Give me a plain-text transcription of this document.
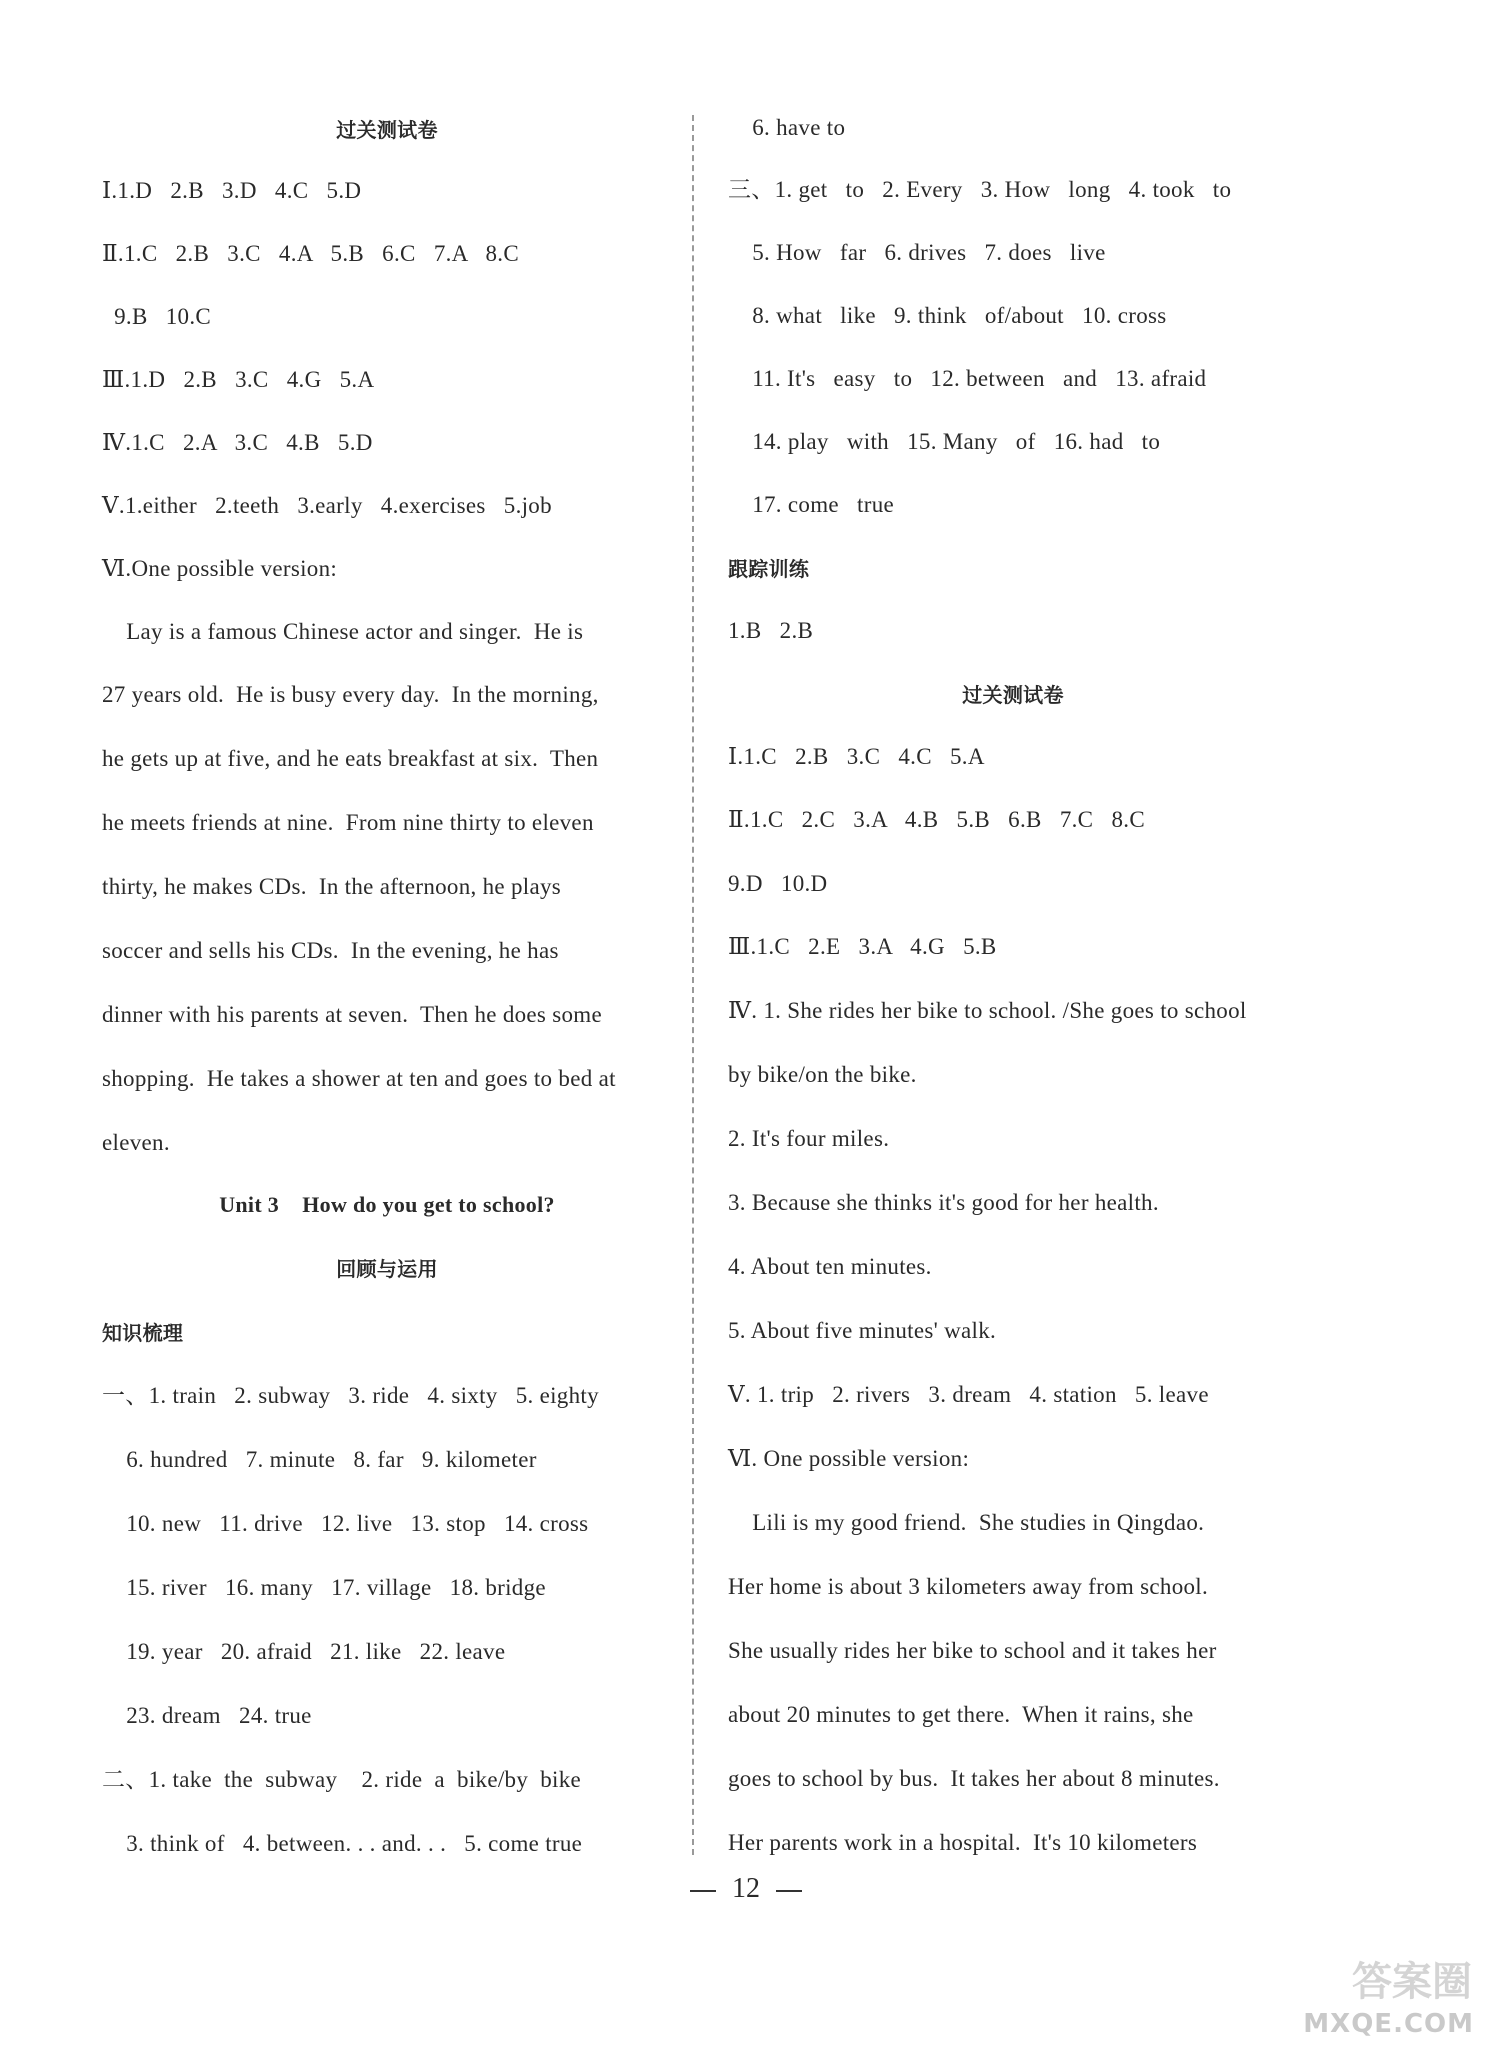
过关测试卷
Ⅰ.1.D   2.B   3.D   4.C   5.D
Ⅱ.1.C   2.B   3.C   4.A   5.B   6.C   7.A   8.C
9.B   10.C
Ⅲ.1.D   2.B   3.C   4.G   5.A
Ⅳ.1.C   2.A   3.C   4.B   5.D
Ⅴ.1.either   2.teeth   3.early   4.exercises   5.job
Ⅵ.One possible version:
Lay is a famous Chinese actor and singer.  He is
27 years old.  He is busy every day.  In the morning,
he gets up at five, and he eats breakfast at six.  Then
he meets friends at nine.  From nine thirty to eleven
thirty, he makes CDs.  In the afternoon, he plays
soccer and sells his CDs.  In the evening, he has
dinner with his parents at seven.  Then he does some
shopping.  He takes a shower at ten and goes to bed at
eleven.
Unit 3    How do you get to school?
回顾与运用
知识梳理
一、1. train   2. subway   3. ride   4. sixty   5. eighty
6. hundred   7. minute   8. far   9. kilometer
10. new   11. drive   12. live   13. stop   14. cross
15. river   16. many   17. village   18. bridge
19. year   20. afraid   21. like   22. leave
23. dream   24. true
二、1. take  the  subway    2. ride  a  bike/by  bike
3. think of   4. between. . . and. . .   5. come true
6. have to
三、1. get   to   2. Every   3. How   long   4. took   to
5. How   far   6. drives   7. does   live
8. what   like   9. think   of/about   10. cross
11. It's   easy   to   12. between   and   13. afraid
14. play   with   15. Many   of   16. had   to
17. come   true
跟踪训练
1.B   2.B
过关测试卷
Ⅰ.1.C   2.B   3.C   4.C   5.A
Ⅱ.1.C   2.C   3.A   4.B   5.B   6.B   7.C   8.C
9.D   10.D
Ⅲ.1.C   2.E   3.A   4.G   5.B
Ⅳ. 1. She rides her bike to school. /She goes to school
by bike/on the bike.
2. It's four miles.
3. Because she thinks it's good for her health.
4. About ten minutes.
5. About five minutes' walk.
Ⅴ. 1. trip   2. rivers   3. dream   4. station   5. leave
Ⅵ. One possible version:
Lili is my good friend.  She studies in Qingdao.
Her home is about 3 kilometers away from school.
She usually rides her bike to school and it takes her
about 20 minutes to get there.  When it rains, she
goes to school by bus.  It takes her about 8 minutes.
Her parents work in a hospital.  It's 10 kilometers
12
答案圈
MXQE.COM
